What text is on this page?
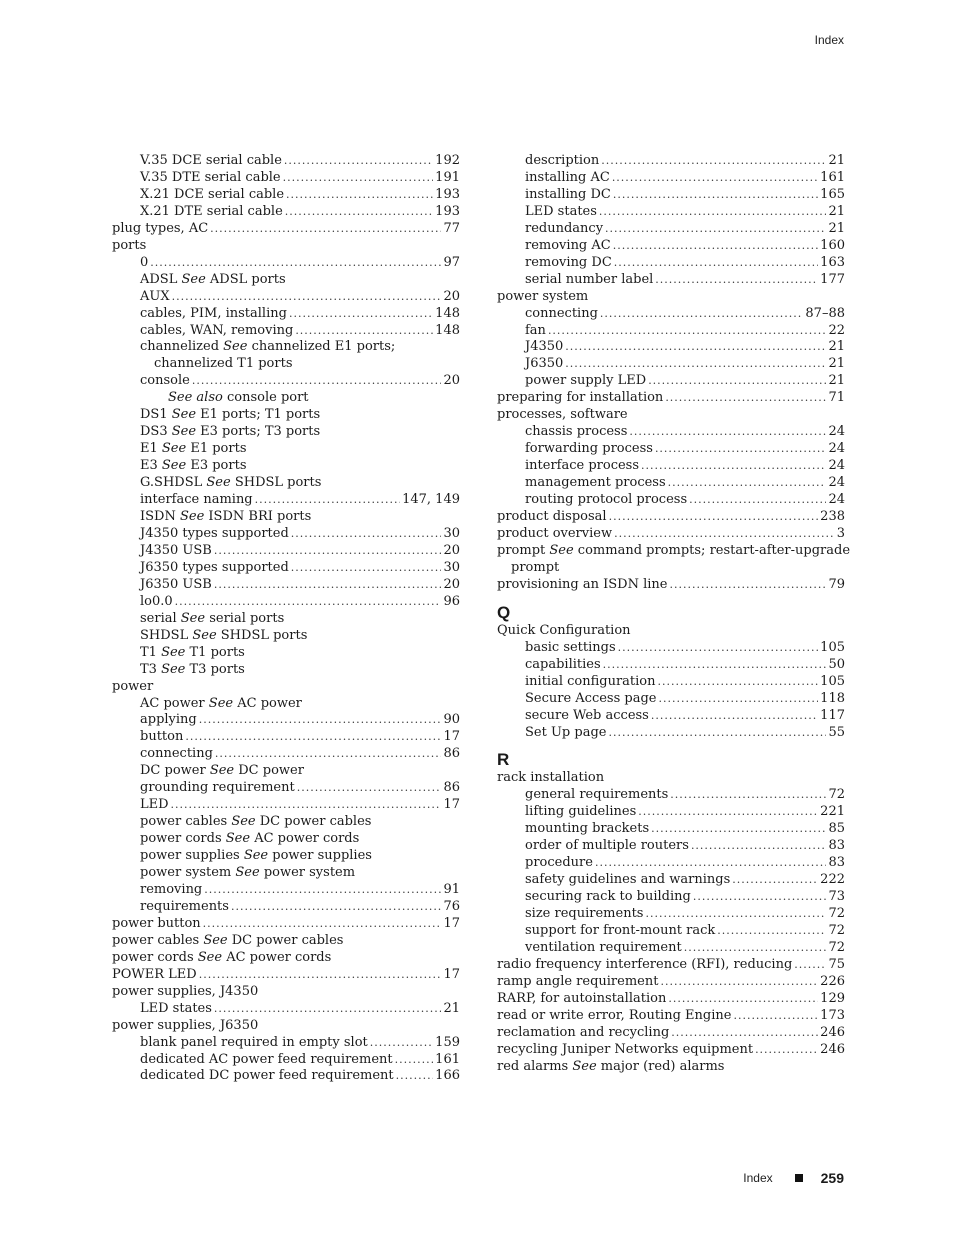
Index
V.35 DCE serial cable .....	192
V.35 DTE serial cable .....	191
X.21 DCE serial cable .....	193
X.21 DTE serial cable .....	193
plug types, AC .....	77
ports
0 .....	97
ADSL See ADSL ports
AUX .....	20
cables, PIM, installing .....	148
cables, WAN, removing .....	148
channelized See channelized E1 ports;
channelized T1 ports
console .....	20
See also console port
DS1 See E1 ports; T1 ports
DS3 See E3 ports; T3 ports
E1 See E1 ports
E3 See E3 ports
G.SHDSL See SHDSL ports
interface naming .....	147, 149
ISDN See ISDN BRI ports
J4350 types supported .....	30
J4350 USB .....	20
J6350 types supported .....	30
J6350 USB .....	20
lo0.0 .....	96
serial See serial ports
SHDSL See SHDSL ports
T1 See T1 ports
T3 See T3 ports
power
AC power See AC power
applying .....	90
button .....	17
connecting .....	86
DC power See DC power
grounding requirement .....	86
LED .....	17
power cables See DC power cables
power cords See AC power cords
power supplies See power supplies
power system See power system
removing .....	91
requirements .....	76
power button .....	17
power cables See DC power cables
power cords See AC power cords
POWER LED .....	17
power supplies, J4350
LED states .....	21
power supplies, J6350
blank panel required in empty slot .....	159
dedicated AC power feed requirement .....	161
dedicated DC power feed requirement .....	166
description .....	21
installing AC .....	161
installing DC .....	165
LED states .....	21
redundancy .....	21
removing AC .....	160
removing DC .....	163
serial number label .....	177
power system
connecting .....	87–88
fan .....	22
J4350 .....	21
J6350 .....	21
power supply LED .....	21
preparing for installation .....	71
processes, software
chassis process .....	24
forwarding process .....	24
interface process .....	24
management process .....	24
routing protocol process .....	24
product disposal .....	238
product overview .....	3
prompt See command prompts; restart-after-upgrade
prompt
provisioning an ISDN line .....	79
Q
Quick Configuration
basic settings .....	105
capabilities .....	50
initial configuration .....	105
Secure Access page .....	118
secure Web access .....	117
Set Up page .....	55
R
rack installation
general requirements .....	72
lifting guidelines .....	221
mounting brackets .....	85
order of multiple routers .....	83
procedure .....	83
safety guidelines and warnings .....	222
securing rack to building .....	73
size requirements .....	72
support for front-mount rack .....	72
ventilation requirement .....	72
radio frequency interference (RFI), reducing .....	75
ramp angle requirement .....	226
RARP, for autoinstallation .....	129
read or write error, Routing Engine .....	173
reclamation and recycling .....	246
recycling Juniper Networks equipment .....	246
red alarms See major (red) alarms
Index	259
